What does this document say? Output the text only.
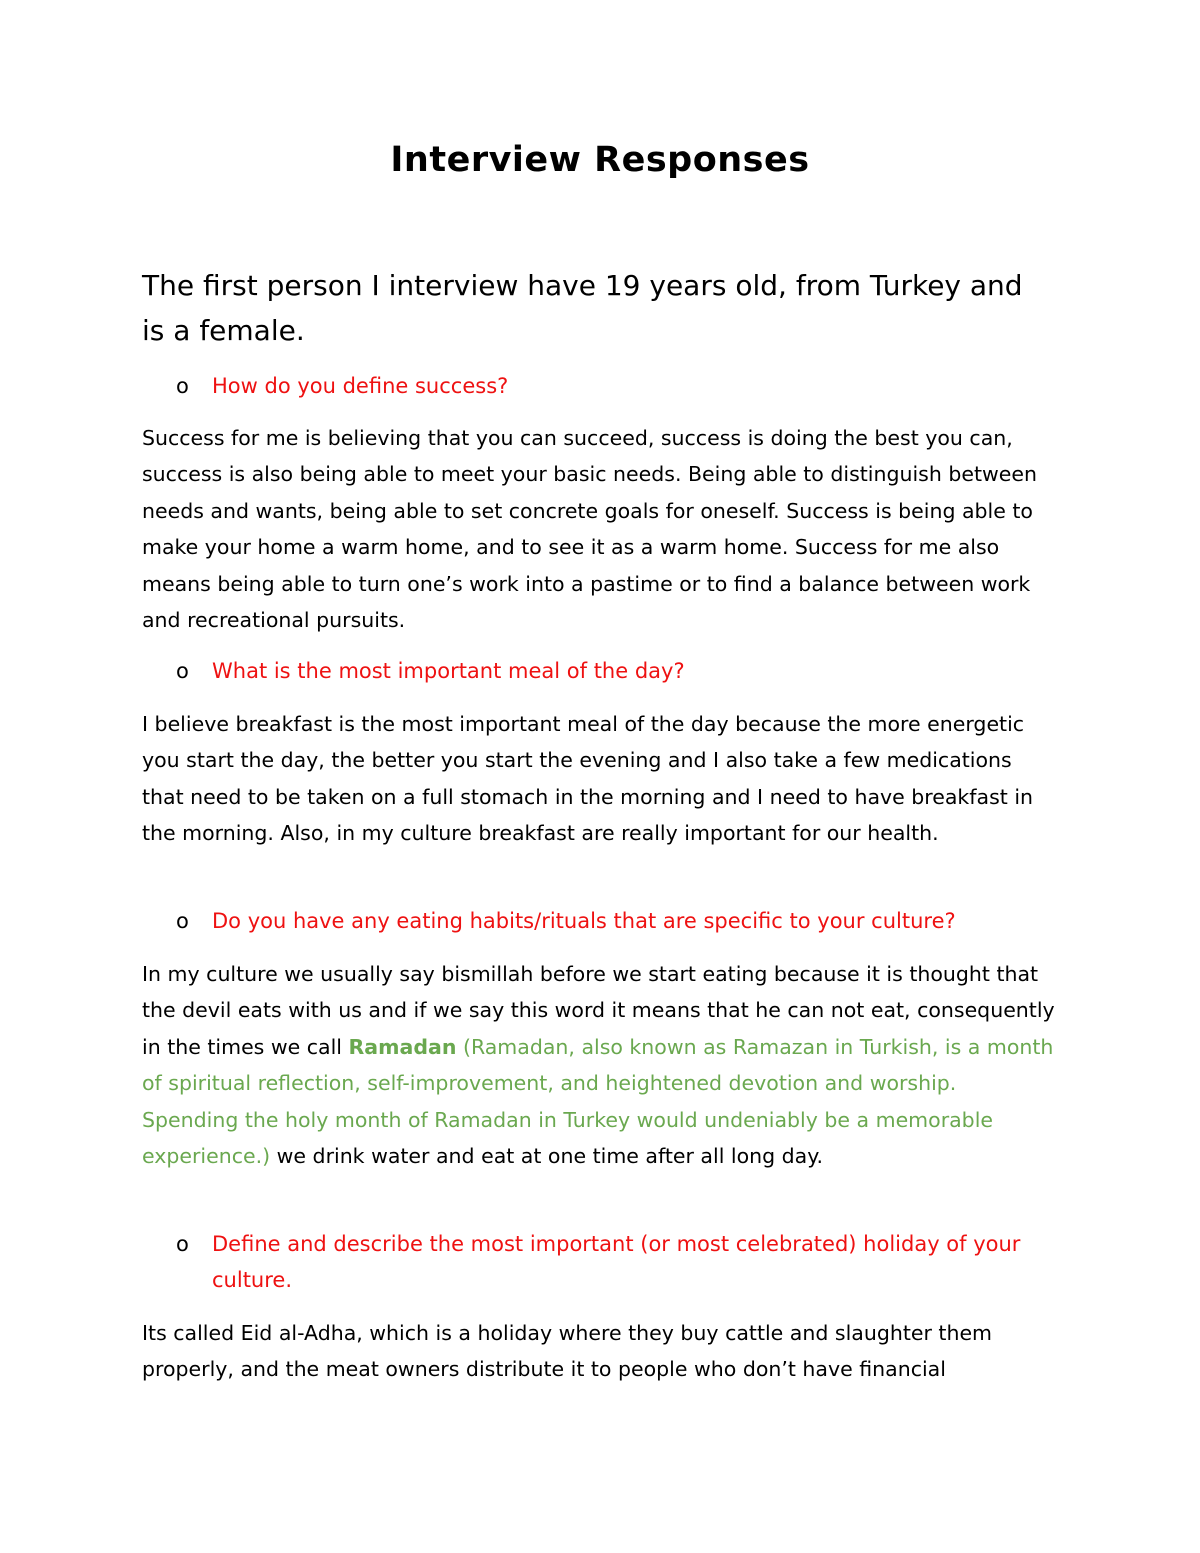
Interview Responses

The first person I interview have 19 years old, from Turkey and is a female.

o	How do you define success?

Success for me is believing that you can succeed, success is doing the best you can, success is also being able to meet your basic needs. Being able to distinguish between needs and wants, being able to set concrete goals for oneself. Success is being able to make your home a warm home, and to see it as a warm home. Success for me also means being able to turn one’s work into a pastime or to find a balance between work and recreational pursuits.

o	What is the most important meal of the day?

I believe breakfast is the most important meal of the day because the more energetic you start the day, the better you start the evening and I also take a few medications that need to be taken on a full stomach in the morning and I need to have breakfast in the morning. Also, in my culture breakfast are really important for our health.

o	Do you have any eating habits/rituals that are specific to your culture?

In my culture we usually say bismillah before we start eating because it is thought that the devil eats with us and if we say this word it means that he can not eat, consequently in the times we call Ramadan (Ramadan, also known as Ramazan in Turkish, is a month of spiritual reflection, self-improvement, and heightened devotion and worship. Spending the holy month of Ramadan in Turkey would undeniably be a memorable experience.) we drink water and eat at one time after all long day.

o	Define and describe the most important (or most celebrated) holiday of your culture.

Its called Eid al-Adha, which is a holiday where they buy cattle and slaughter them properly, and the meat owners distribute it to people who don’t have financial
